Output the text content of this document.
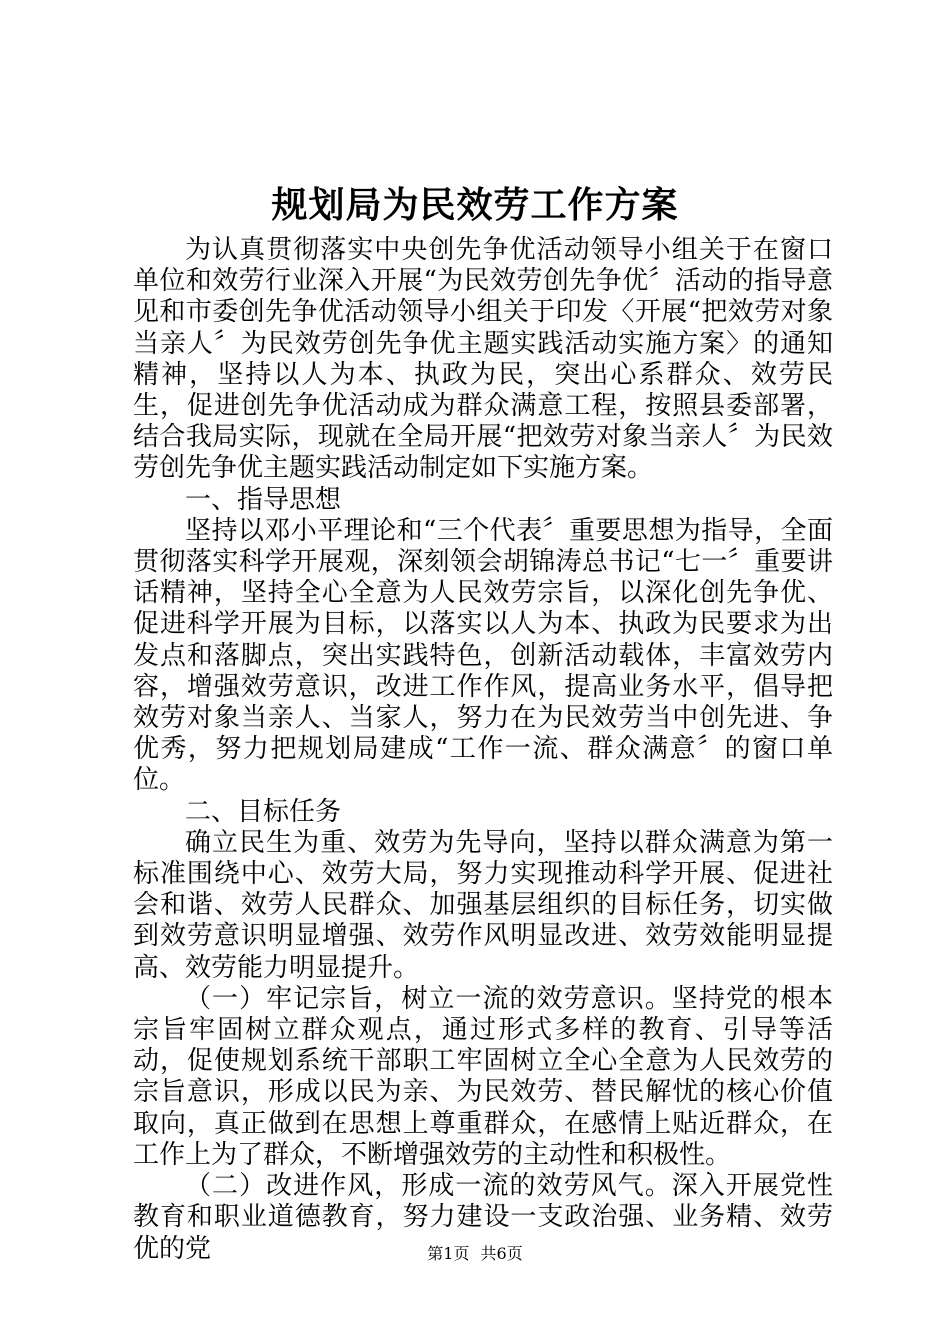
规划局为民效劳工作方案

为认真贯彻落实中央创先争优活动领导小组关于在窗口单位和效劳行业深入开展“为民效劳创先争优〞活动的指导意见和市委创先争优活动领导小组关于印发〈开展“把效劳对象当亲人〞为民效劳创先争优主题实践活动实施方案〉的通知精神，坚持以人为本、执政为民，突出心系群众、效劳民生，促进创先争优活动成为群众满意工程，按照县委部署，结合我局实际，现就在全局开展“把效劳对象当亲人〞为民效劳创先争优主题实践活动制定如下实施方案。

一、指导思想

坚持以邓小平理论和“三个代表〞重要思想为指导，全面贯彻落实科学开展观，深刻领会胡锦涛总书记“七一〞重要讲话精神，坚持全心全意为人民效劳宗旨，以深化创先争优、促进科学开展为目标，以落实以人为本、执政为民要求为出发点和落脚点，突出实践特色，创新活动载体，丰富效劳内容，增强效劳意识，改进工作作风，提高业务水平，倡导把效劳对象当亲人、当家人，努力在为民效劳当中创先进、争优秀，努力把规划局建成“工作一流、群众满意〞的窗口单位。

二、目标任务

确立民生为重、效劳为先导向，坚持以群众满意为第一标准围绕中心、效劳大局，努力实现推动科学开展、促进社会和谐、效劳人民群众、加强基层组织的目标任务，切实做到效劳意识明显增强、效劳作风明显改进、效劳效能明显提高、效劳能力明显提升。

（一）牢记宗旨，树立一流的效劳意识。坚持党的根本宗旨牢固树立群众观点，通过形式多样的教育、引导等活动，促使规划系统干部职工牢固树立全心全意为人民效劳的宗旨意识，形成以民为亲、为民效劳、替民解忧的核心价值取向，真正做到在思想上尊重群众，在感情上贴近群众，在工作上为了群众，不断增强效劳的主动性和积极性。

（二）改进作风，形成一流的效劳风气。深入开展党性教育和职业道德教育，努力建设一支政治强、业务精、效劳优的党	第1页 共6页
